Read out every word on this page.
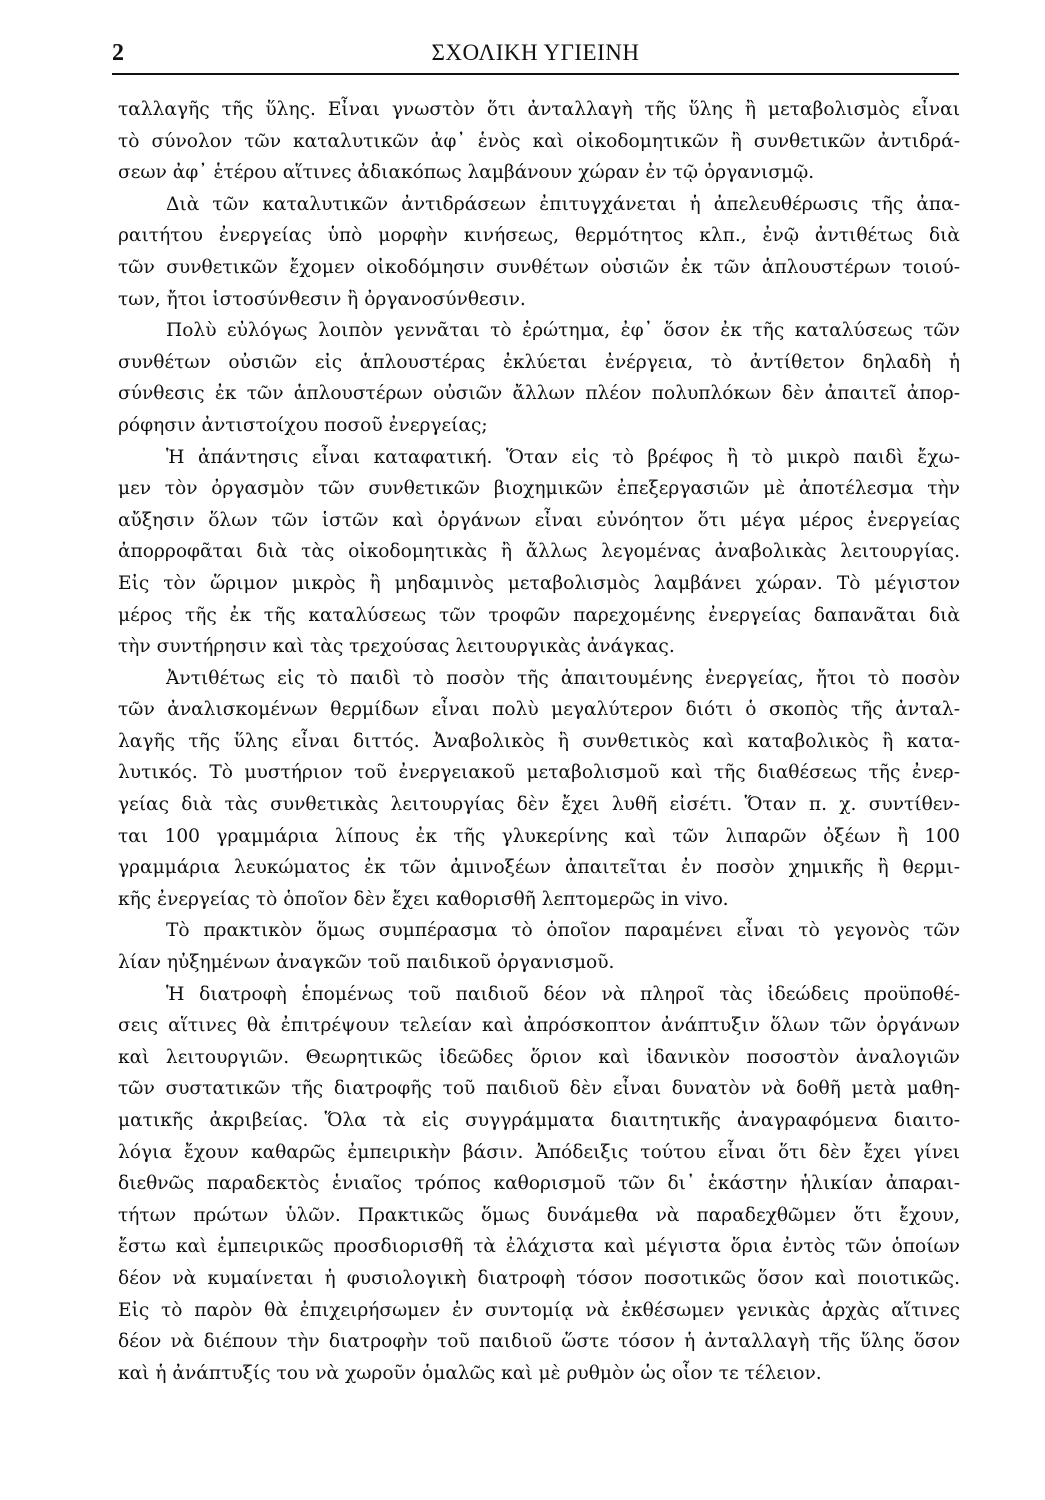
2	ΣΧΟΛΙΚΗ ΥΓΙΕΙΝΗ
ταλλαγῆς τῆς ὕλης. Εἶναι γνωστὸν ὅτι ἀνταλλαγὴ τῆς ὕλης ἢ μεταβολισμὸς εἶναι
τὸ σύνολον τῶν καταλυτικῶν ἀφ᾽ ἑνὸς καὶ οἰκοδομητικῶν ἢ συνθετικῶν ἀντιδρά-
σεων ἀφ᾽ ἑτέρου αἵτινες ἀδιακόπως λαμβάνουν χώραν ἐν τῷ ὀργανισμῷ.
Διὰ τῶν καταλυτικῶν ἀντιδράσεων ἐπιτυγχάνεται ἡ ἀπελευθέρωσις τῆς ἀπα-
ραιτήτου ἐνεργείας ὑπὸ μορφὴν κινήσεως, θερμότητος κλπ., ἐνῷ ἀντιθέτως διὰ
τῶν συνθετικῶν ἔχομεν οἰκοδόμησιν συνθέτων οὐσιῶν ἐκ τῶν ἁπλουστέρων τοιού-
των, ἤτοι ἱστοσύνθεσιν ἢ ὀργανοσύνθεσιν.
Πολὺ εὐλόγως λοιπὸν γεννᾶται τὸ ἐρώτημα, ἐφ᾽ ὅσον ἐκ τῆς καταλύσεως τῶν
συνθέτων οὐσιῶν εἰς ἁπλουστέρας ἐκλύεται ἐνέργεια, τὸ ἀντίθετον δηλαδὴ ἡ
σύνθεσις ἐκ τῶν ἁπλουστέρων οὐσιῶν ἄλλων πλέον πολυπλόκων δὲν ἀπαιτεῖ ἀπορ-
ρόφησιν ἀντιστοίχου ποσοῦ ἐνεργείας;
Ἡ ἀπάντησις εἶναι καταφατική. Ὅταν εἰς τὸ βρέφος ἢ τὸ μικρὸ παιδὶ ἔχω-
μεν τὸν ὀργασμὸν τῶν συνθετικῶν βιοχημικῶν ἐπεξεργασιῶν μὲ ἀποτέλεσμα τὴν
αὔξησιν ὅλων τῶν ἱστῶν καὶ ὀργάνων εἶναι εὐνόητον ὅτι μέγα μέρος ἐνεργείας
ἀπορροφᾶται διὰ τὰς οἰκοδομητικὰς ἢ ἄλλως λεγομένας ἀναβολικὰς λειτουργίας.
Εἰς τὸν ὥριμον μικρὸς ἢ μηδαμινὸς μεταβολισμὸς λαμβάνει χώραν. Τὸ μέγιστον
μέρος τῆς ἐκ τῆς καταλύσεως τῶν τροφῶν παρεχομένης ἐνεργείας δαπανᾶται διὰ
τὴν συντήρησιν καὶ τὰς τρεχούσας λειτουργικὰς ἀνάγκας.
Ἀντιθέτως εἰς τὸ παιδὶ τὸ ποσὸν τῆς ἀπαιτουμένης ἐνεργείας, ἤτοι τὸ ποσὸν
τῶν ἀναλισκομένων θερμίδων εἶναι πολὺ μεγαλύτερον διότι ὁ σκοπὸς τῆς ἀνταλ-
λαγῆς τῆς ὕλης εἶναι διττός. Ἀναβολικὸς ἢ συνθετικὸς καὶ καταβολικὸς ἢ κατα-
λυτικός. Τὸ μυστήριον τοῦ ἐνεργειακοῦ μεταβολισμοῦ καὶ τῆς διαθέσεως τῆς ἐνερ-
γείας διὰ τὰς συνθετικὰς λειτουργίας δὲν ἔχει λυθῆ εἰσέτι. Ὅταν π. χ. συντίθεν-
ται 100 γραμμάρια λίπους ἐκ τῆς γλυκερίνης καὶ τῶν λιπαρῶν ὀξέων ἢ 100
γραμμάρια λευκώματος ἐκ τῶν ἀμινοξέων ἀπαιτεῖται ἐν ποσὸν χημικῆς ἢ θερμι-
κῆς ἐνεργείας τὸ ὁποῖον δὲν ἔχει καθορισθῆ λεπτομερῶς in vivo.
Τὸ πρακτικὸν ὅμως συμπέρασμα τὸ ὁποῖον παραμένει εἶναι τὸ γεγονὸς τῶν
λίαν ηὐξημένων ἀναγκῶν τοῦ παιδικοῦ ὀργανισμοῦ.
Ἡ διατροφὴ ἑπομένως τοῦ παιδιοῦ δέον νὰ πληροῖ τὰς ἰδεώδεις προϋποθέ-
σεις αἵτινες θὰ ἐπιτρέψουν τελείαν καὶ ἀπρόσκοπτον ἀνάπτυξιν ὅλων τῶν ὀργάνων
καὶ λειτουργιῶν. Θεωρητικῶς ἰδεῶδες ὅριον καὶ ἰδανικὸν ποσοστὸν ἀναλογιῶν
τῶν συστατικῶν τῆς διατροφῆς τοῦ παιδιοῦ δὲν εἶναι δυνατὸν νὰ δοθῆ μετὰ μαθη-
ματικῆς ἀκριβείας. Ὅλα τὰ εἰς συγγράμματα διαιτητικῆς ἀναγραφόμενα διαιτο-
λόγια ἔχουν καθαρῶς ἐμπειρικὴν βάσιν. Ἀπόδειξις τούτου εἶναι ὅτι δὲν ἔχει γίνει
διεθνῶς παραδεκτὸς ἑνιαῖος τρόπος καθορισμοῦ τῶν δι᾽ ἑκάστην ἡλικίαν ἀπαραι-
τήτων πρώτων ὑλῶν. Πρακτικῶς ὅμως δυνάμεθα νὰ παραδεχθῶμεν ὅτι ἔχουν,
ἔστω καὶ ἐμπειρικῶς προσδιορισθῆ τὰ ἐλάχιστα καὶ μέγιστα ὅρια ἐντὸς τῶν ὁποίων
δέον νὰ κυμαίνεται ἡ φυσιολογικὴ διατροφὴ τόσον ποσοτικῶς ὅσον καὶ ποιοτικῶς.
Εἰς τὸ παρὸν θὰ ἐπιχειρήσωμεν ἐν συντομίᾳ νὰ ἐκθέσωμεν γενικὰς ἀρχὰς αἵτινες
δέον νὰ διέπουν τὴν διατροφὴν τοῦ παιδιοῦ ὥστε τόσον ἡ ἀνταλλαγὴ τῆς ὕλης ὅσον
καὶ ἡ ἀνάπτυξίς του νὰ χωροῦν ὁμαλῶς καὶ μὲ ρυθμὸν ὡς οἷον τε τέλειον.
